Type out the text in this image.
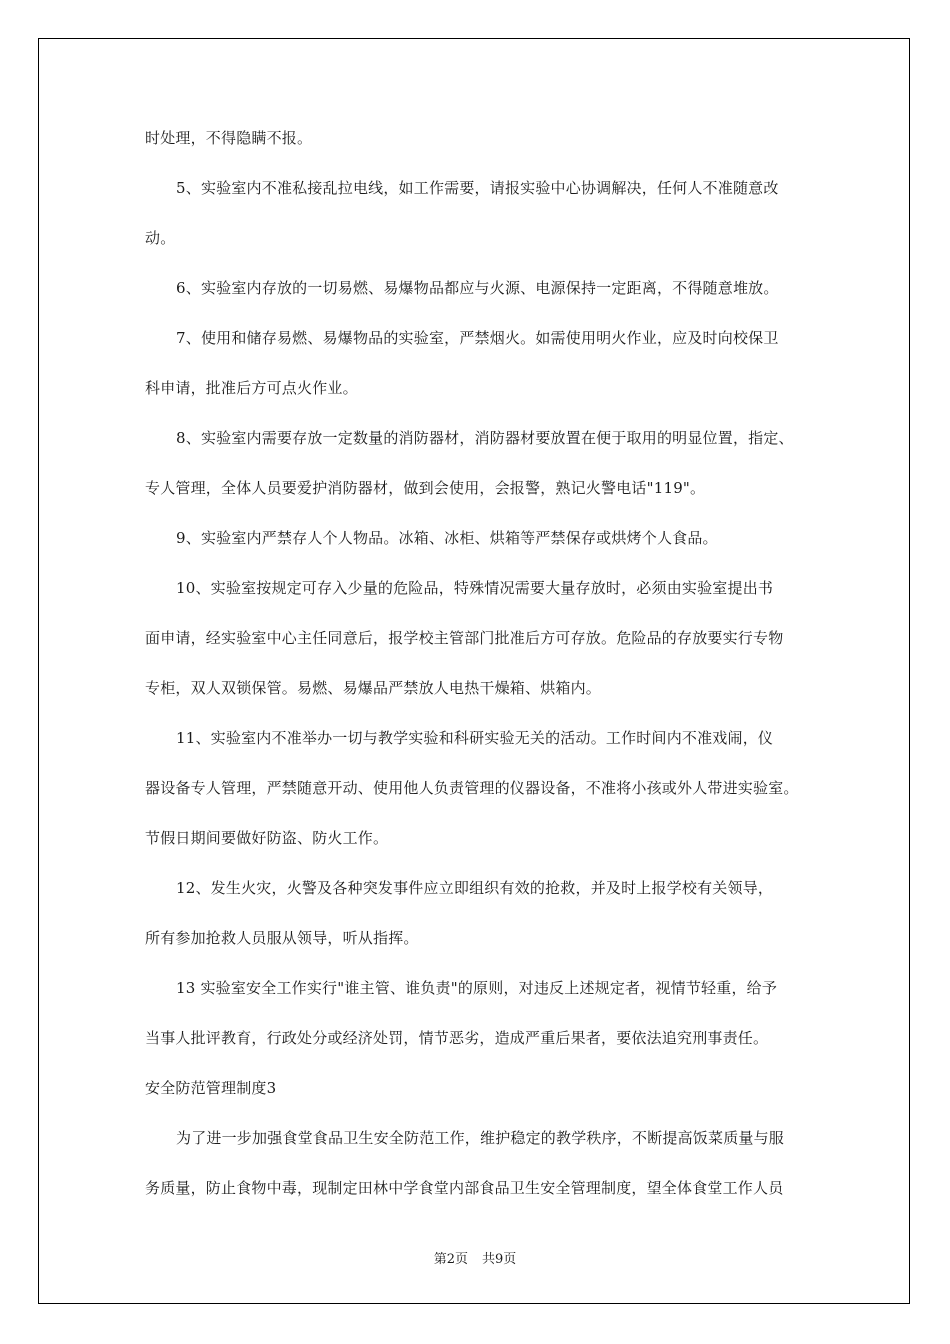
时处理，不得隐瞒不报。
5、实验室内不准私接乱拉电线，如工作需要，请报实验中心协调解决，任何人不准随意改
动。
6、实验室内存放的一切易燃、易爆物品都应与火源、电源保持一定距离，不得随意堆放。
7、使用和储存易燃、易爆物品的实验室，严禁烟火。如需使用明火作业，应及时向校保卫
科申请，批准后方可点火作业。
8、实验室内需要存放一定数量的消防器材，消防器材要放置在便于取用的明显位置，指定、
专人管理，全体人员要爱护消防器材，做到会使用，会报警，熟记火警电话"119"。
9、实验室内严禁存人个人物品。冰箱、冰柜、烘箱等严禁保存或烘烤个人食品。
10、实验室按规定可存入少量的危险品，特殊情况需要大量存放时，必须由实验室提出书
面申请，经实验室中心主任同意后，报学校主管部门批准后方可存放。危险品的存放要实行专物
专柜，双人双锁保管。易燃、易爆品严禁放人电热干燥箱、烘箱内。
11、实验室内不准举办一切与教学实验和科研实验无关的活动。工作时间内不准戏闹，仪
器设备专人管理，严禁随意开动、使用他人负责管理的仪器设备，不准将小孩或外人带进实验室。
节假日期间要做好防盗、防火工作。
12、发生火灾，火警及各种突发事件应立即组织有效的抢救，并及时上报学校有关领导，
所有参加抢救人员服从领导，听从指挥。
13 实验室安全工作实行"谁主管、谁负责"的原则，对违反上述规定者，视情节轻重，给予
当事人批评教育，行政处分或经济处罚，情节恶劣，造成严重后果者，要依法追究刑事责任。
安全防范管理制度3
为了进一步加强食堂食品卫生安全防范工作，维护稳定的教学秩序，不断提高饭菜质量与服
务质量，防止食物中毒，现制定田林中学食堂内部食品卫生安全管理制度，望全体食堂工作人员
第2页 共9页
